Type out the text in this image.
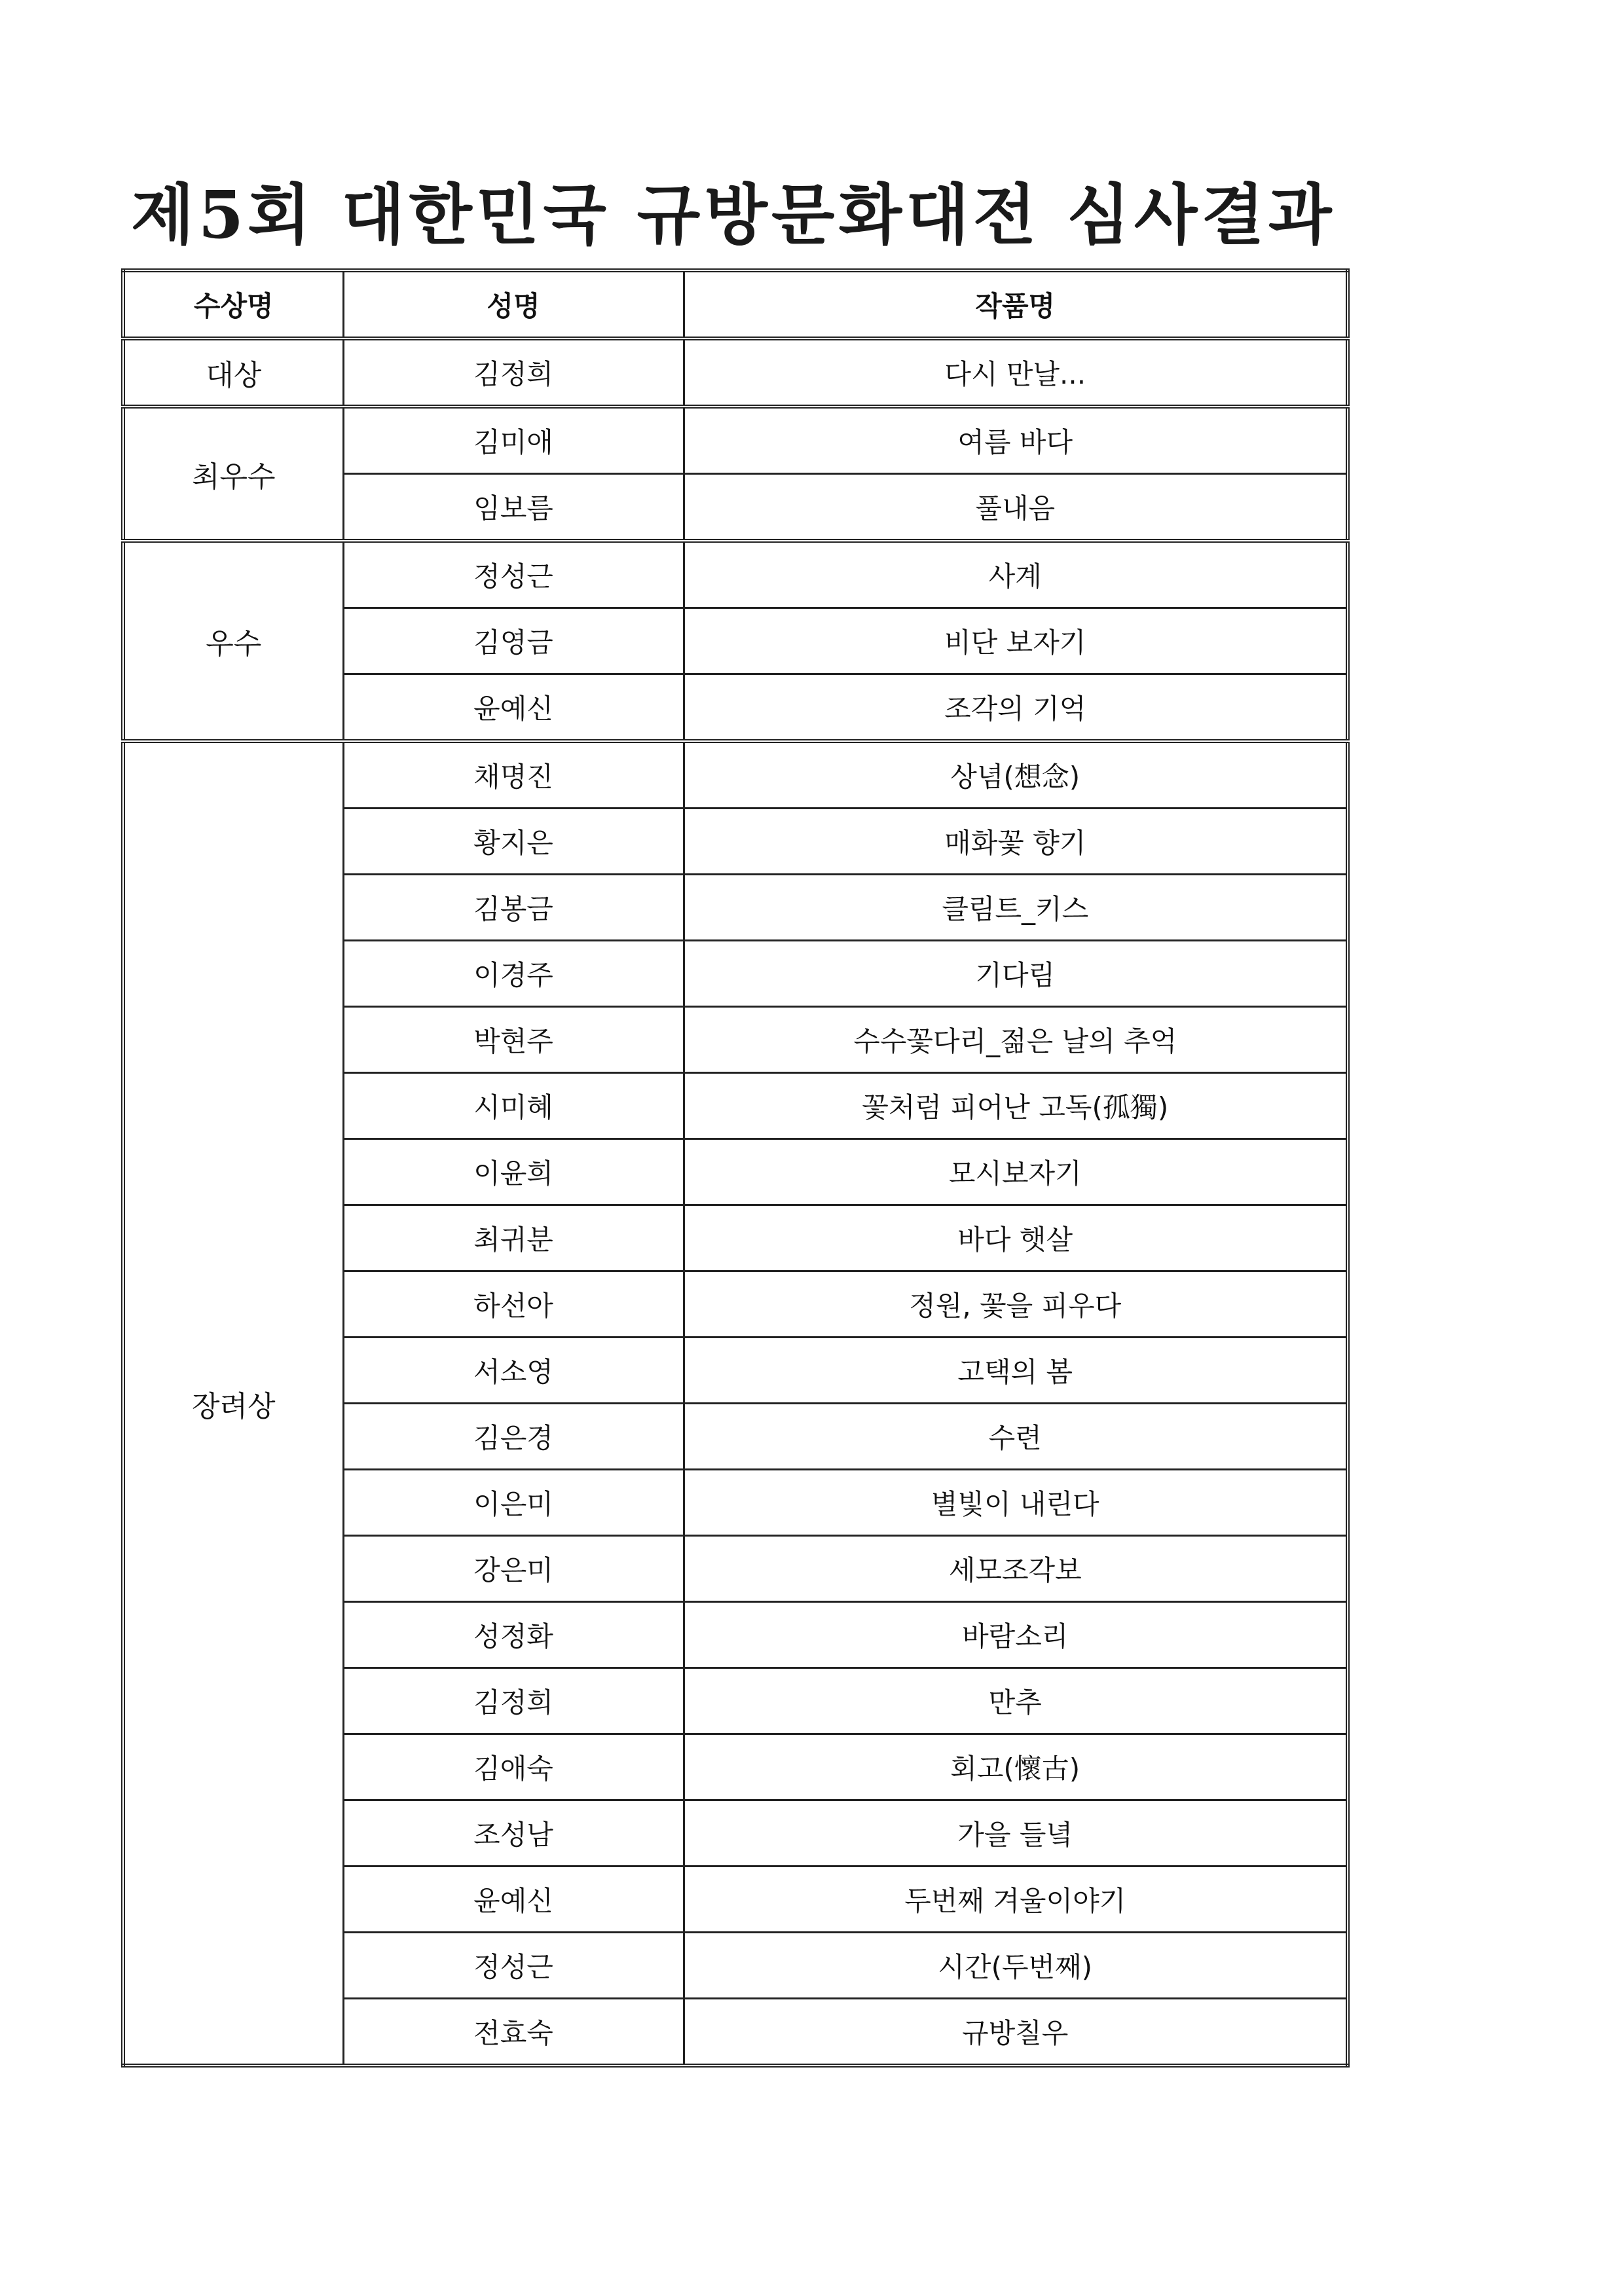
제5회 대한민국 규방문화대전 심사결과
수상명	성명	작품명
대상	김정희	다시 만날...
최우수	김미애	여름 바다
	임보름	풀내음
우수	정성근	사계
	김영금	비단 보자기
	윤예신	조각의 기억
장려상	채명진	상념(想念)
	황지은	매화꽃 향기
	김봉금	클림트_키스
	이경주	기다림
	박현주	수수꽃다리_젊은 날의 추억
	시미혜	꽃처럼 피어난 고독(孤獨)
	이윤희	모시보자기
	최귀분	바다 햇살
	하선아	정원, 꽃을 피우다
	서소영	고택의 봄
	김은경	수련
	이은미	별빛이 내린다
	강은미	세모조각보
	성정화	바람소리
	김정희	만추
	김애숙	회고(懷古)
	조성남	가을 들녘
	윤예신	두번째 겨울이야기
	정성근	시간(두번째)
	전효숙	규방칠우
